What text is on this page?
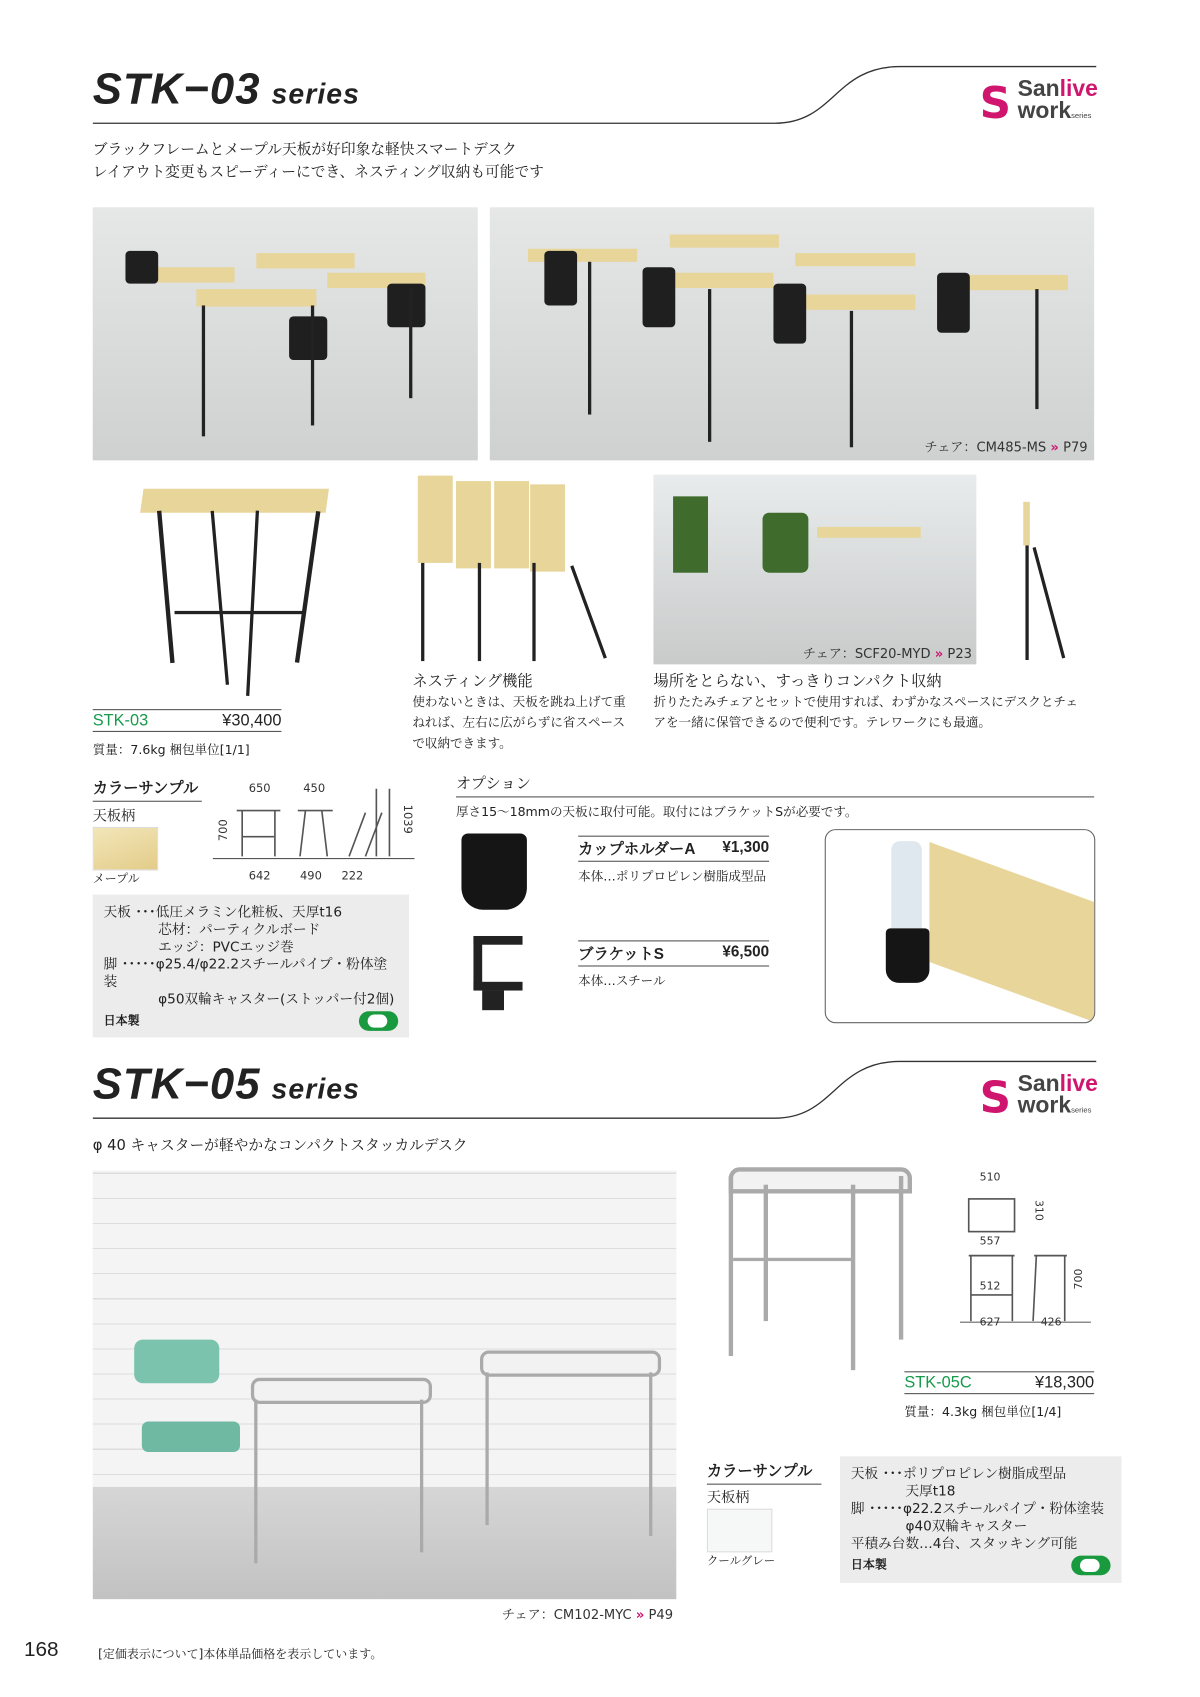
STK−03 series	S Sanlive
workseries
ブラックフレームとメープル天板が好印象な軽快スマートデスク
レイアウト変更もスピーディーにでき、ネスティング収納も可能です
チェア：CM485-MS » P79
STK-03	¥30,400
質量：7.6kg 梱包単位[1/1]
ネスティング機能
使わないときは、天板を跳ね上げて重ねれば、左右に広がらずに省スペースで収納できます。
チェア：SCF20-MYD » P23
場所をとらない、すっきりコンパクト収納
折りたたみチェアとセットで使用すれば、わずかなスペースにデスクとチェアを一緒に保管できるので便利です。テレワークにも最適。
カラーサンプル
天板柄
メープル
650	450
700	1039
642	490 222
天板 ･･･低圧メラミン化粧板、天厚t16
　　　　芯材：パーティクルボード
　　　　エッジ：PVCエッジ巻
脚 ･････φ25.4/φ22.2スチールパイプ・粉体塗装
　　　　φ50双輪キャスター(ストッパー付2個)
日本製
オプション
厚さ15〜18mmの天板に取付可能。取付にはブラケットSが必要です。
カップホルダーA ¥1,300
本体…ポリプロピレン樹脂成型品
ブラケットS	¥6,500
本体…スチール
STK−05 series	S Sanlive
workseries
φ 40 キャスターが軽やかなコンパクトスタッカルデスク
チェア：CM102-MYC » P49
510
310
557
512	700
627	426
STK-05C	¥18,300
質量：4.3kg 梱包単位[1/4]
カラーサンプル
天板柄
クールグレー
天板 ･･･ポリプロピレン樹脂成型品
　　　　天厚t18
脚 ･････φ22.2スチールパイプ・粉体塗装
　　　　φ40双輪キャスター
平積み台数…4台、スタッキング可能
日本製
168	[定価表示について]本体単品価格を表示しています。
